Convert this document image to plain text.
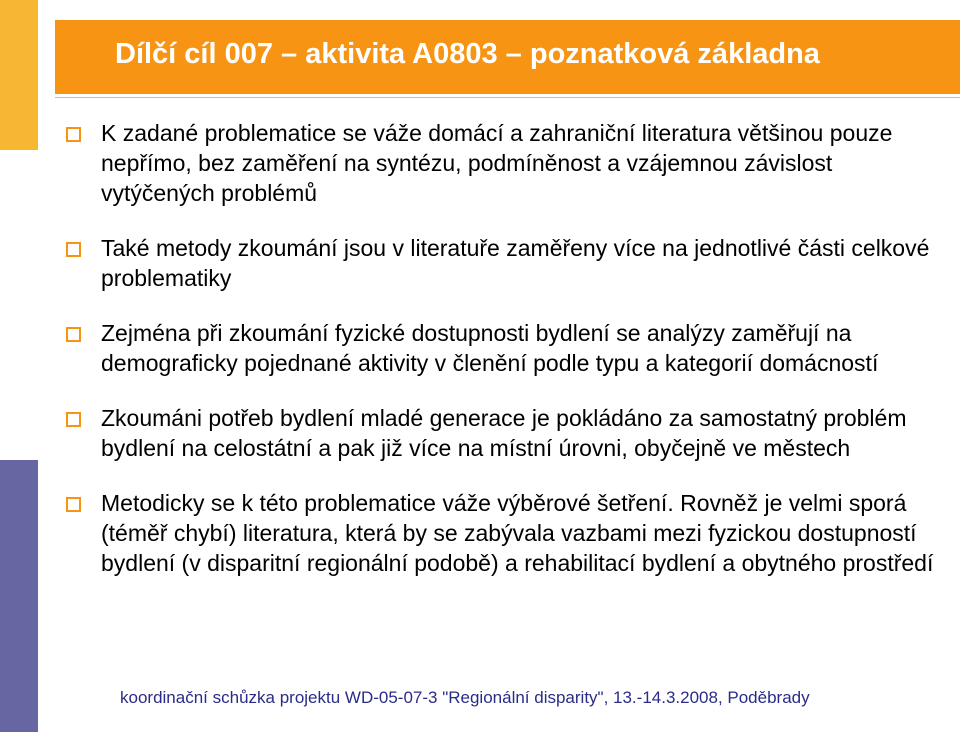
Dílčí cíl 007 – aktivita A0803 – poznatková základna
K zadané problematice se váže domácí a zahraniční literatura většinou pouze nepřímo, bez zaměření na syntézu, podmíněnost a vzájemnou závislost vytýčených problémů
Také metody zkoumání jsou v literatuře zaměřeny více na jednotlivé části celkové problematiky
Zejména při zkoumání fyzické dostupnosti bydlení se analýzy zaměřují na demograficky pojednané aktivity v členění podle typu a kategorií domácností
Zkoumáni potřeb bydlení mladé generace je pokládáno za samostatný problém bydlení na celostátní a pak již více na místní úrovni, obyčejně ve městech
Metodicky se k této problematice váže výběrové šetření. Rovněž je velmi sporá (téměř chybí) literatura, která by se zabývala vazbami mezi fyzickou dostupností bydlení (v disparitní regionální podobě) a rehabilitací bydlení a obytného prostředí
koordinační schůzka projektu WD-05-07-3 "Regionální disparity", 13.-14.3.2008, Poděbrady
